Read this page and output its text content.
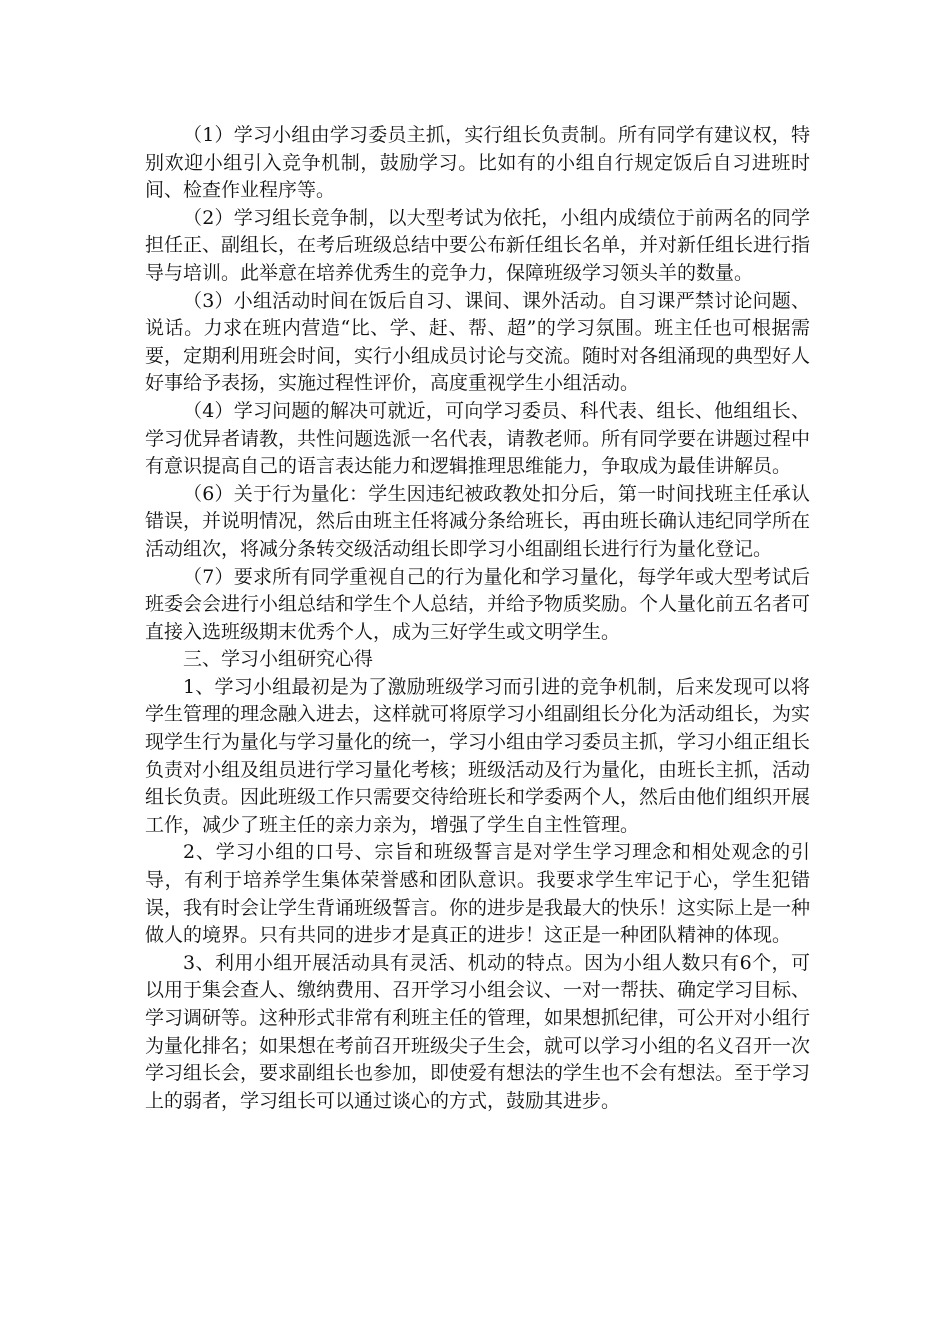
（1）学习小组由学习委员主抓，实行组长负责制。所有同学有建议权，特别欢迎小组引入竞争机制，鼓励学习。比如有的小组自行规定饭后自习进班时间、检查作业程序等。

（2）学习组长竞争制，以大型考试为依托，小组内成绩位于前两名的同学担任正、副组长，在考后班级总结中要公布新任组长名单，并对新任组长进行指导与培训。此举意在培养优秀生的竞争力，保障班级学习领头羊的数量。

（3）小组活动时间在饭后自习、课间、课外活动。自习课严禁讨论问题、说话。力求在班内营造“比、学、赶、帮、超”的学习氛围。班主任也可根据需要，定期利用班会时间，实行小组成员讨论与交流。随时对各组涌现的典型好人好事给予表扬，实施过程性评价，高度重视学生小组活动。

（4）学习问题的解决可就近，可向学习委员、科代表、组长、他组组长、学习优异者请教，共性问题选派一名代表，请教老师。所有同学要在讲题过程中有意识提高自己的语言表达能力和逻辑推理思维能力，争取成为最佳讲解员。

（6）关于行为量化：学生因违纪被政教处扣分后，第一时间找班主任承认错误，并说明情况，然后由班主任将减分条给班长，再由班长确认违纪同学所在活动组次，将减分条转交级活动组长即学习小组副组长进行行为量化登记。

（7）要求所有同学重视自己的行为量化和学习量化，每学年或大型考试后班委会会进行小组总结和学生个人总结，并给予物质奖励。个人量化前五名者可直接入选班级期末优秀个人，成为三好学生或文明学生。

三、学习小组研究心得

1、学习小组最初是为了激励班级学习而引进的竞争机制，后来发现可以将学生管理的理念融入进去，这样就可将原学习小组副组长分化为活动组长，为实现学生行为量化与学习量化的统一，学习小组由学习委员主抓，学习小组正组长负责对小组及组员进行学习量化考核；班级活动及行为量化，由班长主抓，活动组长负责。因此班级工作只需要交待给班长和学委两个人，然后由他们组织开展工作，减少了班主任的亲力亲为，增强了学生自主性管理。

2、学习小组的口号、宗旨和班级誓言是对学生学习理念和相处观念的引导，有利于培养学生集体荣誉感和团队意识。我要求学生牢记于心，学生犯错误，我有时会让学生背诵班级誓言。你的进步是我最大的快乐！这实际上是一种做人的境界。只有共同的进步才是真正的进步！这正是一种团队精神的体现。

3、利用小组开展活动具有灵活、机动的特点。因为小组人数只有6个，可以用于集会查人、缴纳费用、召开学习小组会议、一对一帮扶、确定学习目标、学习调研等。这种形式非常有利班主任的管理，如果想抓纪律，可公开对小组行为量化排名；如果想在考前召开班级尖子生会，就可以学习小组的名义召开一次学习组长会，要求副组长也参加，即使爱有想法的学生也不会有想法。至于学习上的弱者，学习组长可以通过谈心的方式，鼓励其进步。
